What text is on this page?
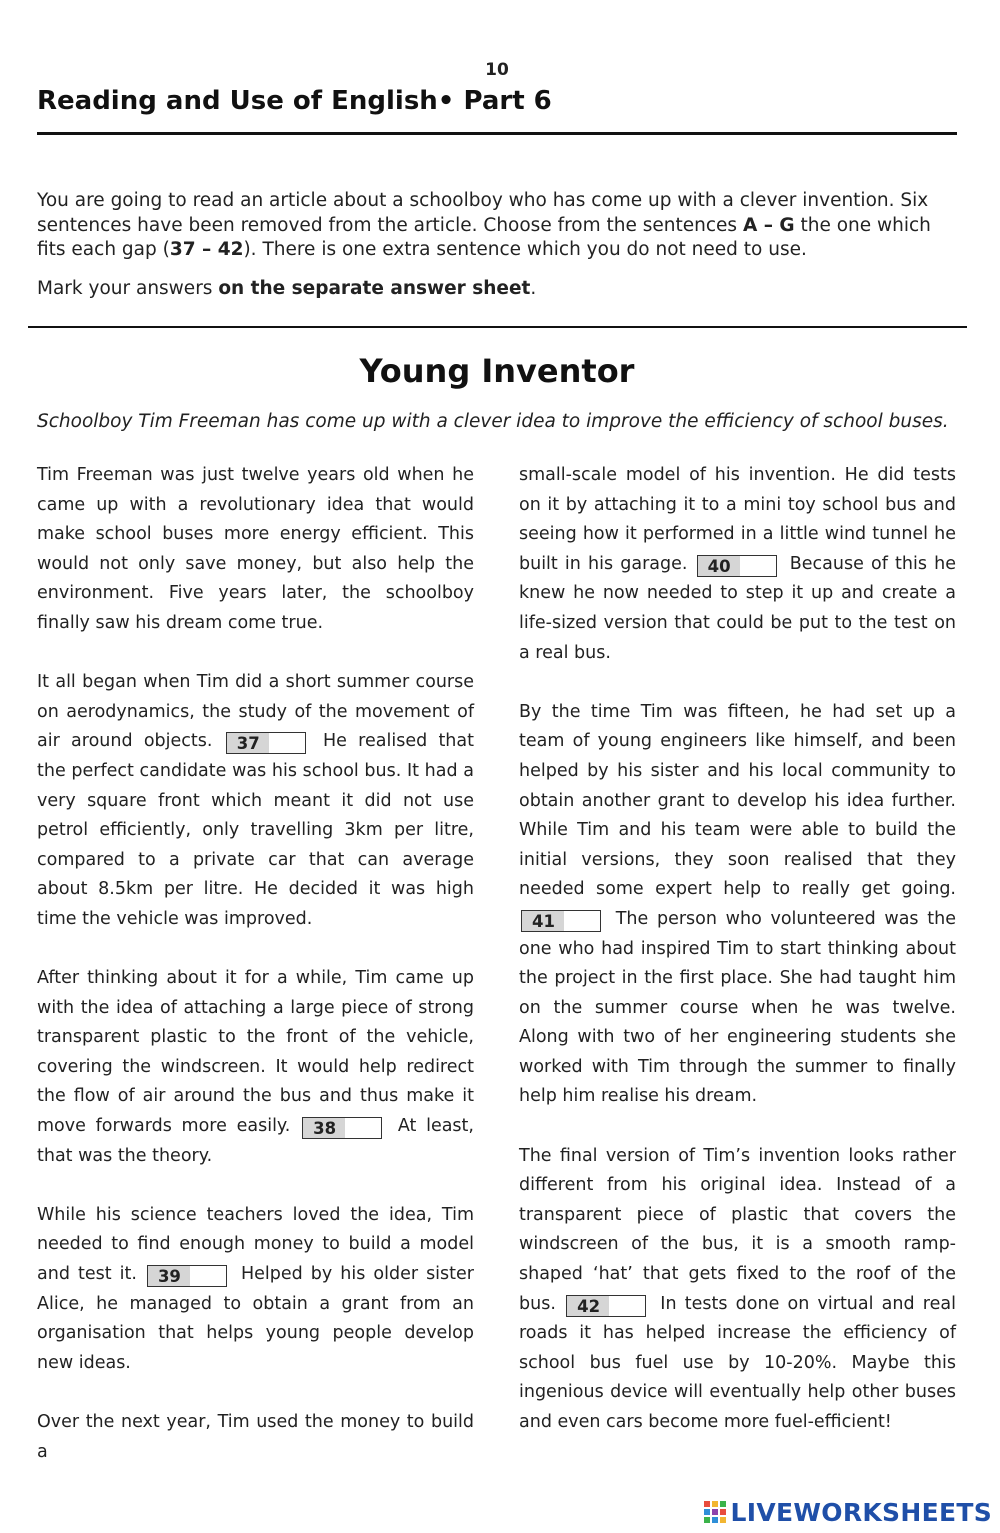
10
Reading and Use of English• Part 6

You are going to read an article about a schoolboy who has come up with a clever invention. Six sentences have been removed from the article. Choose from the sentences A – G the one which fits each gap (37 – 42). There is one extra sentence which you do not need to use.

Mark your answers on the separate answer sheet.

Young Inventor

Schoolboy Tim Freeman has come up with a clever idea to improve the efficiency of school buses.

Tim Freeman was just twelve years old when he came up with a revolutionary idea that would make school buses more energy efficient. This would not only save money, but also help the environment. Five years later, the schoolboy finally saw his dream come true.

It all began when Tim did a short summer course on aerodynamics, the study of the movement of air around objects. 37	He realised that the perfect candidate was his school bus. It had a very square front which meant it did not use petrol efficiently, only travelling 3km per litre, compared to a private car that can average about 8.5km per litre. He decided it was high time the vehicle was improved.

After thinking about it for a while, Tim came up with the idea of attaching a large piece of strong transparent plastic to the front of the vehicle, covering the windscreen. It would help redirect the flow of air around the bus and thus make it move forwards more easily. 38	At least, that was the theory.

While his science teachers loved the idea, Tim needed to find enough money to build a model and test it. 39	Helped by his older sister Alice, he managed to obtain a grant from an organisation that helps young people develop new ideas.

Over the next year, Tim used the money to build a

small-scale model of his invention. He did tests on it by attaching it to a mini toy school bus and seeing how it performed in a little wind tunnel he built in his garage. 40	Because of this he knew he now needed to step it up and create a life-sized version that could be put to the test on a real bus.

By the time Tim was fifteen, he had set up a team of young engineers like himself, and been helped by his sister and his local community to obtain another grant to develop his idea further. While Tim and his team were able to build the initial versions, they soon realised that they needed some expert help to really get going. 41	The person who volunteered was the one who had inspired Tim to start thinking about the project in the first place. She had taught him on the summer course when he was twelve. Along with two of her engineering students she worked with Tim through the summer to finally help him realise his dream.

The final version of Tim’s invention looks rather different from his original idea. Instead of a transparent piece of plastic that covers the windscreen of the bus, it is a smooth ramp-shaped ‘hat’ that gets fixed to the roof of the bus. 42	In tests done on virtual and real roads it has helped increase the efficiency of school bus fuel use by 10-20%. Maybe this ingenious device will eventually help other buses and even cars become more fuel-efficient!

LIVEWORKSHEETS
